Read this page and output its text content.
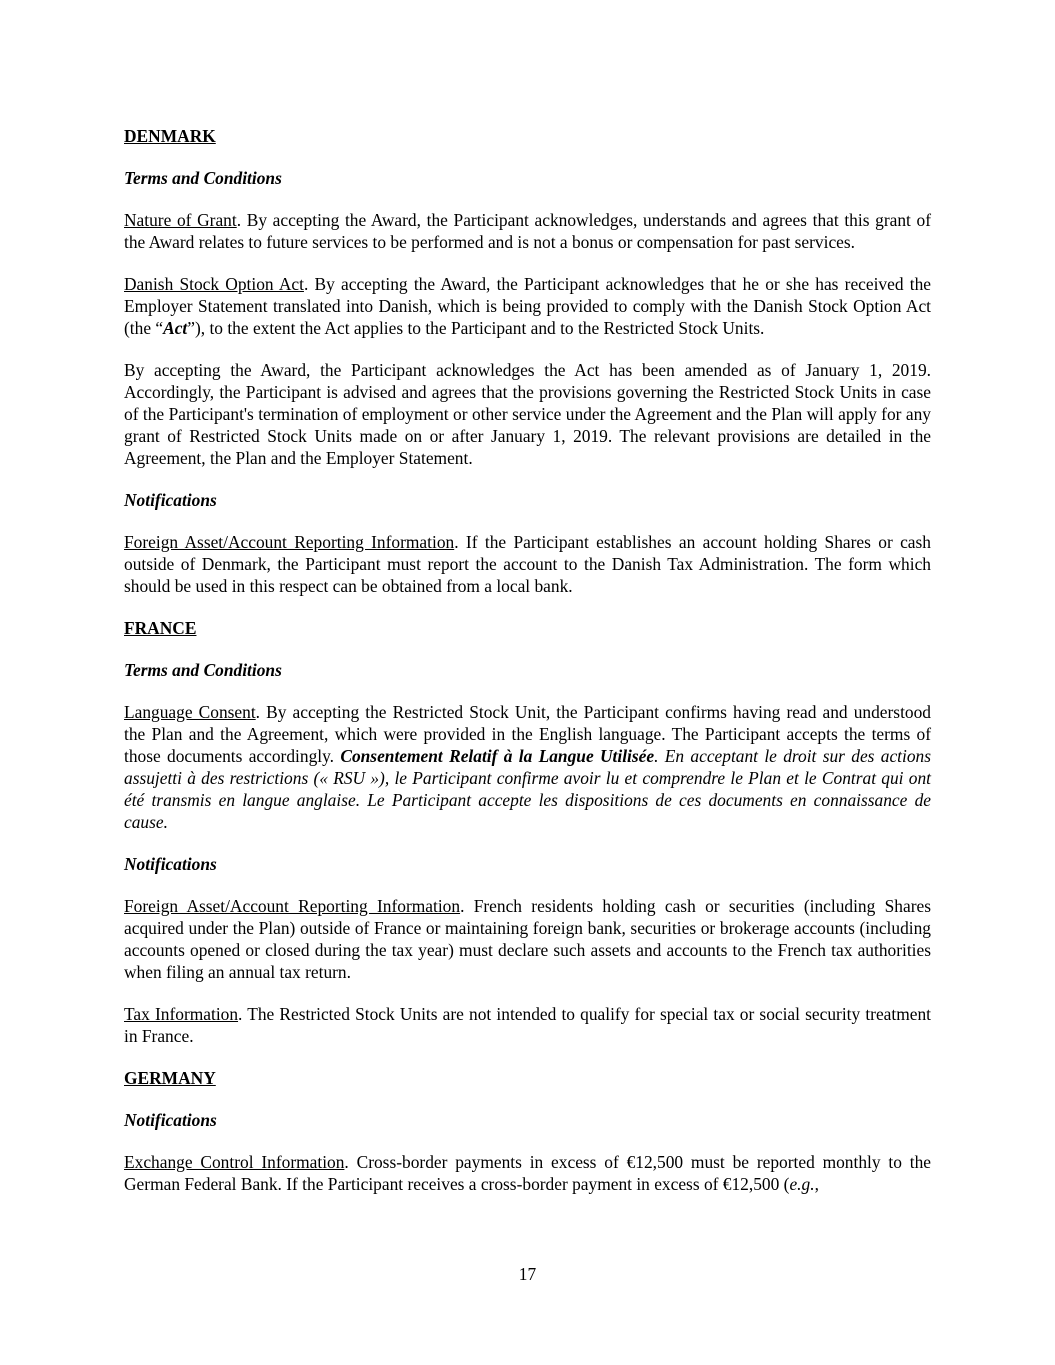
DENMARK
Terms and Conditions
Nature of Grant. By accepting the Award, the Participant acknowledges, understands and agrees that this grant of the Award relates to future services to be performed and is not a bonus or compensation for past services.
Danish Stock Option Act. By accepting the Award, the Participant acknowledges that he or she has received the Employer Statement translated into Danish, which is being provided to comply with the Danish Stock Option Act (the “Act”), to the extent the Act applies to the Participant and to the Restricted Stock Units.
By accepting the Award, the Participant acknowledges the Act has been amended as of January 1, 2019. Accordingly, the Participant is advised and agrees that the provisions governing the Restricted Stock Units in case of the Participant's termination of employment or other service under the Agreement and the Plan will apply for any grant of Restricted Stock Units made on or after January 1, 2019. The relevant provisions are detailed in the Agreement, the Plan and the Employer Statement.
Notifications
Foreign Asset/Account Reporting Information. If the Participant establishes an account holding Shares or cash outside of Denmark, the Participant must report the account to the Danish Tax Administration. The form which should be used in this respect can be obtained from a local bank.
FRANCE
Terms and Conditions
Language Consent. By accepting the Restricted Stock Unit, the Participant confirms having read and understood the Plan and the Agreement, which were provided in the English language. The Participant accepts the terms of those documents accordingly. Consentement Relatif à la Langue Utilisée. En acceptant le droit sur des actions assujetti à des restrictions (« RSU »), le Participant confirme avoir lu et comprendre le Plan et le Contrat qui ont été transmis en langue anglaise. Le Participant accepte les dispositions de ces documents en connaissance de cause.
Notifications
Foreign Asset/Account Reporting Information. French residents holding cash or securities (including Shares acquired under the Plan) outside of France or maintaining foreign bank, securities or brokerage accounts (including accounts opened or closed during the tax year) must declare such assets and accounts to the French tax authorities when filing an annual tax return.
Tax Information. The Restricted Stock Units are not intended to qualify for special tax or social security treatment in France.
GERMANY
Notifications
Exchange Control Information. Cross-border payments in excess of €12,500 must be reported monthly to the German Federal Bank. If the Participant receives a cross-border payment in excess of €12,500 (e.g.,
17
